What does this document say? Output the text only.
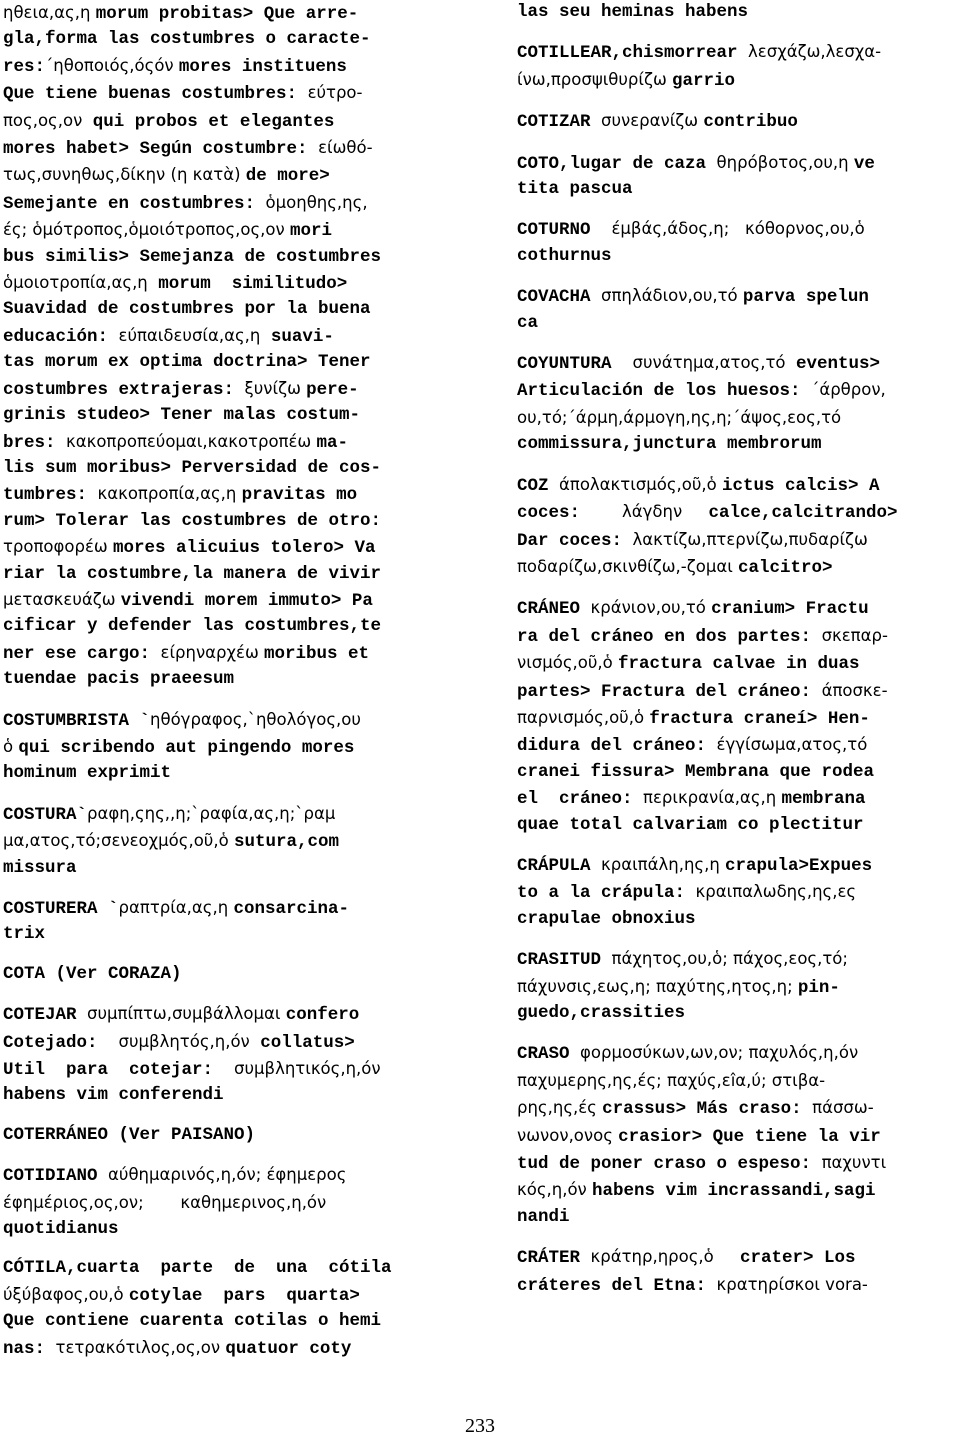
ηθεια,ας,η morum probitas> Que arre-
gla,forma las costumbres o caracte-
res:´ηθοποιός,όςόν mores instituens
Que tiene buenas costumbres: εύτρο-
πος,ος,ον  qui probos et elegantes
mores habet> Según costumbre: είωθό-
τως,συνηθως,δίκην (η κατὰ) de more>
Semejante en costumbres: ὁμοηθης,ης,
ές; ὁμότροπος,ὁμοιότροπος,ος,ον mori
bus similis> Semejanza de costumbres
ὁμοιοτροπία,ας,η  morum  similitudo>
Suavidad de costumbres por la buena
educación: εύπαιδευσία,ας,η  suavi-
tas morum ex optima doctrina> Tener
costumbres extrajeras: ξυνίζω pere-
grinis studeo> Tener malas costum-
bres: κακοπροπεύομαι,κακοτροπέω ma-
lis sum moribus> Perversidad de cos-
tumbres: κακοπροπία,ας,η pravitas mo
rum> Tolerar las costumbres de otro:
τροποφορέω mores alicuius tolero> Va
riar la costumbre,la manera de vivir
μετασκευάζω vivendi morem immuto> Pa
cificar y defender las costumbres,te
ner ese cargo: είρηναρχέω moribus et
tuendae pacis praeesum
COSTUMBRISTA `ηθόγραφος,`ηθολόγος,ου
ὁ qui scribendo aut pingendo mores
hominum exprimit
COSTURA`ραφη,ςης,,η;`ραφία,ας,η;`ραμ
μα,ατος,τό;σενεοχμός,οῦ,ὁ sutura,com
missura
COSTURERA `ραπτρία,ας,η consarcina-
trix
COTA (Ver CORAZA)
COTEJAR συμπίπτω,συμβάλλομαι confero
Cotejado:  συμβλητός,η,όν  collatus>
Util  para  cotejar:  συμβλητικός,η,όν
habens vim conferendi
COTERRÁNEO (Ver PAISANO)
COTIDIANO αύθημαρινός,η,όν; έφημερος
έφημέριος,ος,ον;       καθημερινος,η,όν
quotidianus
CÓTILA,cuarta  parte  de  una  cótila
ύξύβαφος,ου,ὁ cotylae  pars  quarta>
Que contiene cuarenta cotilas o hemi
nas: τετρακότιλος,ος,ον quatuor coty
las seu heminas habens
COTILLEAR,chismorrear λεσχάζω,λεσχα-
ίνω,προσψιθυρίζω garrio
COTIZAR συνερανίζω contribuo
COTO,lugar de caza θηρόβοτος,ου,η ve
tita pascua
COTURNO  έμβάς,άδος,η;   κόθορνος,ου,ὁ
cothurnus
COVACHA σπηλάδιον,ου,τό parva spelun
ca
COYUNTURA  συνάτημα,ατος,τό  eventus>
Articulación de los huesos: ´άρθρον,
ου,τό;´άρμη,άρμογη,ης,η;´άψος,εος,τό
commissura,junctura membrorum
COZ άπολακτισμός,οῦ,ὁ ictus calcis> A
coces:    λάγδην     calce,calcitrando>
Dar coces: λακτίζω,πτερνίζω,πυδαρίζω
ποδαρίζω,σκινθίζω,-ζομαι calcitro>
CRÁNEO κράνιον,ου,τό cranium> Fractu
ra del cráneo en dos partes: σκεπαρ-
νισμός,οῦ,ὁ fractura calvae in duas
partes> Fractura del cráneo: άποσκε-
παρνισμός,οῦ,ὁ fractura craneí> Hen-
didura del cráneo: έγγίσωμα,ατος,τό
cranei fissura> Membrana que rodea
el  cráneo: περικρανία,ας,η membrana
quae total calvariam co plectitur
CRÁPULA κραιπάλη,ης,η crapula>Expues
to a la crápula: κραιπαλωδης,ης,ες
crapulae obnoxius
CRASITUD πάχητος,ου,ὁ; πάχος,εος,τό;
πάχυνσις,εως,η; παχύτης,ητος,η; pin-
guedo,crassities
CRASO φορμοσύκων,ων,ον; παχυλός,η,όν
παχυμερης,ης,ές; παχύς,εîα,ύ; στιβα-
ρης,ης,ές crassus> Más craso: πάσσω-
νωνον,ονος crasior> Que tiene la vir
tud de poner craso o espeso: παχυντι
κός,η,όν habens vim incrassandi,sagi
nandi
CRÁTER κράτηρ,ηρος,ὁ     crater> Los
cráteres del Etna: κρατηρίσκοι vora-
233
